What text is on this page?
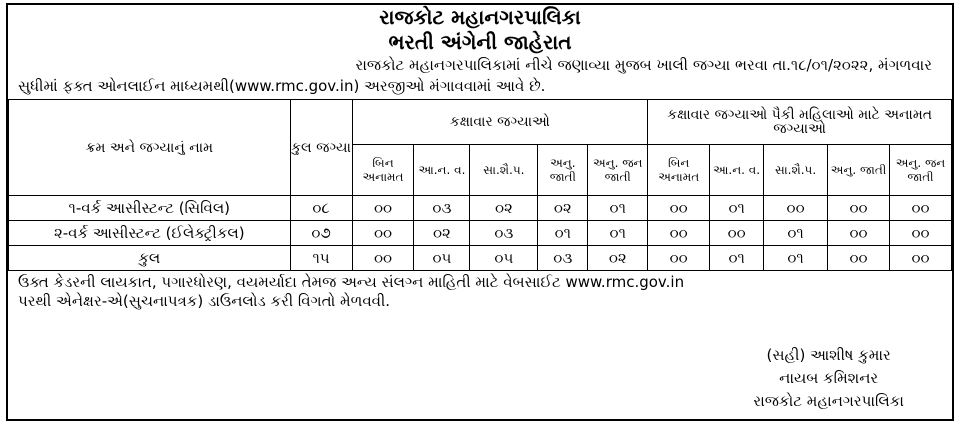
રાજકોટ મહાનગરપાલિકા
ભરતી અંગેની જાહેરાત
રાજકોટ મહાનગરપાલિકામાં નીચે જણાવ્યા મુજબ ખાલી જગ્યા ભરવા તા.૧૮/૦૧/૨૦૨૨, મંગળવાર
સુધીમાં ફક્ત ઓનલાઈન માધ્યમથી(www.rmc.gov.in) અરજીઓ મંગાવવામાં આવે છે.
ક્રમ અને જગ્યાનું નામ	કુલ જગ્યા	કક્ષાવાર જગ્યાઓ					કક્ષાવાર જગ્યાઓ પૈકી મહિલાઓ માટે અનામત જગ્યાઓ				
		બિન અનામત	આ.ન. વ.	સા.શૈ.પ.	અનુ. જાતી	અનુ. જન જાતી	બિન અનામત	આ.ન. વ.	સા.શૈ.પ.	અનુ. જાતી	અનુ. જન જાતી
૧-વર્ક આસીસ્ટન્ટ (સિવિલ)	૦૮	૦૦	૦૩	૦૨	૦૨	૦૧	૦૦	૦૧	૦૦	૦૦	૦૦
૨-વર્ક આસીસ્ટન્ટ (ઈલેક્ટ્રીકલ)	૦૭	૦૦	૦૨	૦૩	૦૧	૦૧	૦૦	૦૦	૦૧	૦૦	૦૦
કુલ	૧૫	૦૦	૦૫	૦૫	૦૩	૦૨	૦૦	૦૧	૦૧	૦૦	૦૦
ઉક્ત કેડરની લાયકાત, પગારધોરણ, વયમર્યાદા તેમજ અન્ય સંલગ્ન માહિતી માટે વેબસાઈટ www.rmc.gov.in
પરથી એનેક્ષર-એ(સુચનાપત્રક) ડાઉનલોડ કરી વિગતો મેળવવી.
(સહી) આશીષ કુમાર
નાયબ કમિશનર
રાજકોટ મહાનગરપાલિકા
